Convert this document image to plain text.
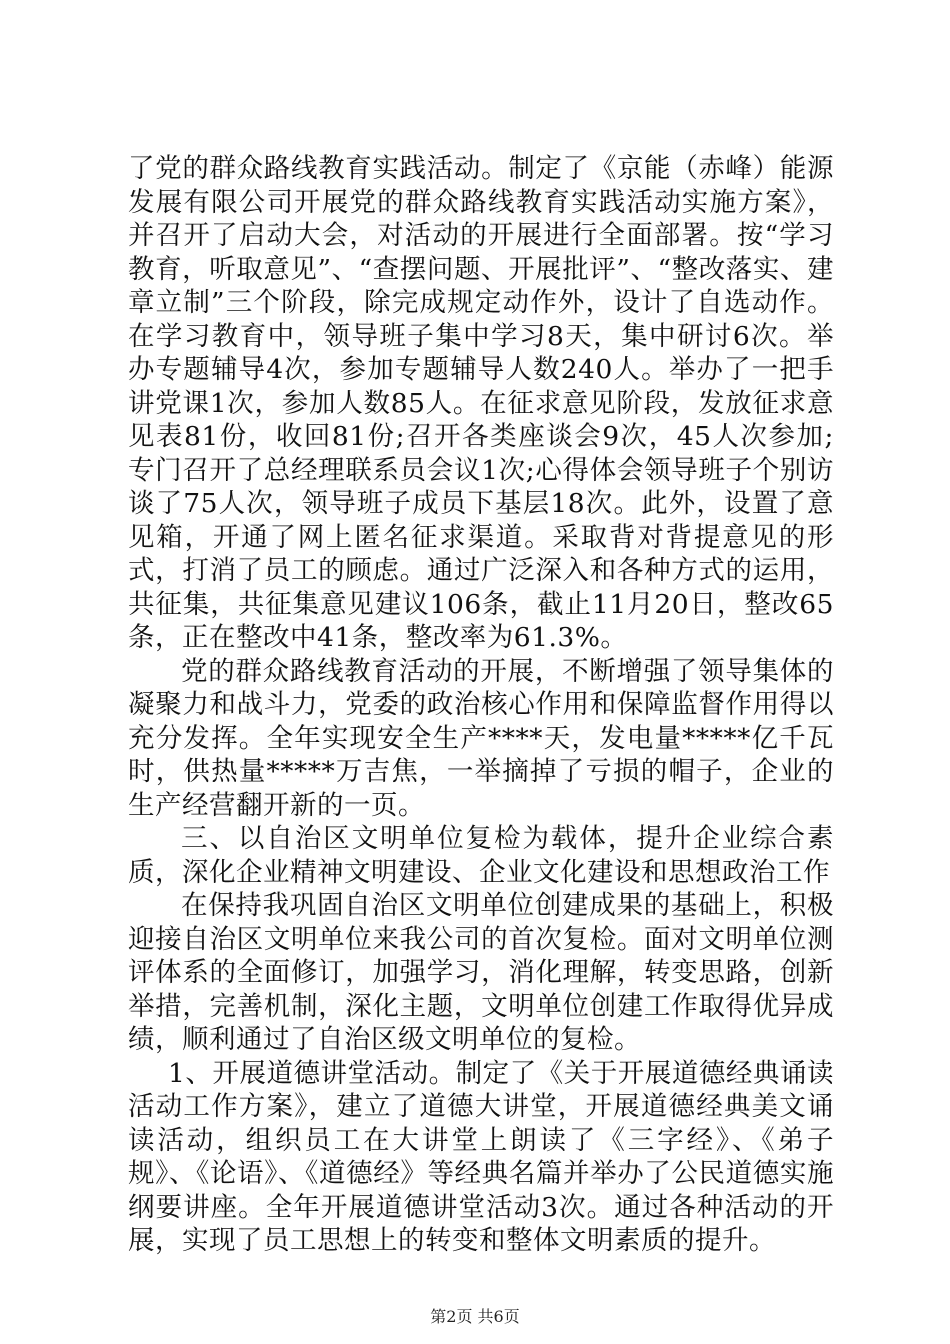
了党的群众路线教育实践活动。制定了《京能（赤峰）能源发展有限公司开展党的群众路线教育实践活动实施方案》，并召开了启动大会，对活动的开展进行全面部署。按“学习教育，听取意见”、“查摆问题、开展批评”、“整改落实、建章立制”三个阶段，除完成规定动作外，设计了自选动作。在学习教育中，领导班子集中学习8天，集中研讨6次。举办专题辅导4次，参加专题辅导人数240人。举办了一把手讲党课1次，参加人数85人。在征求意见阶段，发放征求意见表81份，收回81份;召开各类座谈会9次，45人次参加;专门召开了总经理联系员会议1次;心得体会领导班子个别访谈了75人次，领导班子成员下基层18次。此外，设置了意见箱，开通了网上匿名征求渠道。采取背对背提意见的形式，打消了员工的顾虑。通过广泛深入和各种方式的运用，共征集，共征集意见建议106条，截止11月20日，整改65条，正在整改中41条，整改率为61.3%。

党的群众路线教育活动的开展，不断增强了领导集体的凝聚力和战斗力，党委的政治核心作用和保障监督作用得以充分发挥。全年实现安全生产****天，发电量*****亿千瓦时，供热量*****万吉焦，一举摘掉了亏损的帽子，企业的生产经营翻开新的一页。

三、以自治区文明单位复检为载体，提升企业综合素质，深化企业精神文明建设、企业文化建设和思想政治工作

在保持我巩固自治区文明单位创建成果的基础上，积极迎接自治区文明单位来我公司的首次复检。面对文明单位测评体系的全面修订，加强学习，消化理解，转变思路，创新举措，完善机制，深化主题，文明单位创建工作取得优异成绩，顺利通过了自治区级文明单位的复检。

1、开展道德讲堂活动。制定了《关于开展道德经典诵读活动工作方案》，建立了道德大讲堂，开展道德经典美文诵读活动，组织员工在大讲堂上朗读了《三字经》、《弟子规》、《论语》、《道德经》等经典名篇并举办了公民道德实施纲要讲座。全年开展道德讲堂活动3次。通过各种活动的开展，实现了员工思想上的转变和整体文明素质的提升。

第2页 共6页
